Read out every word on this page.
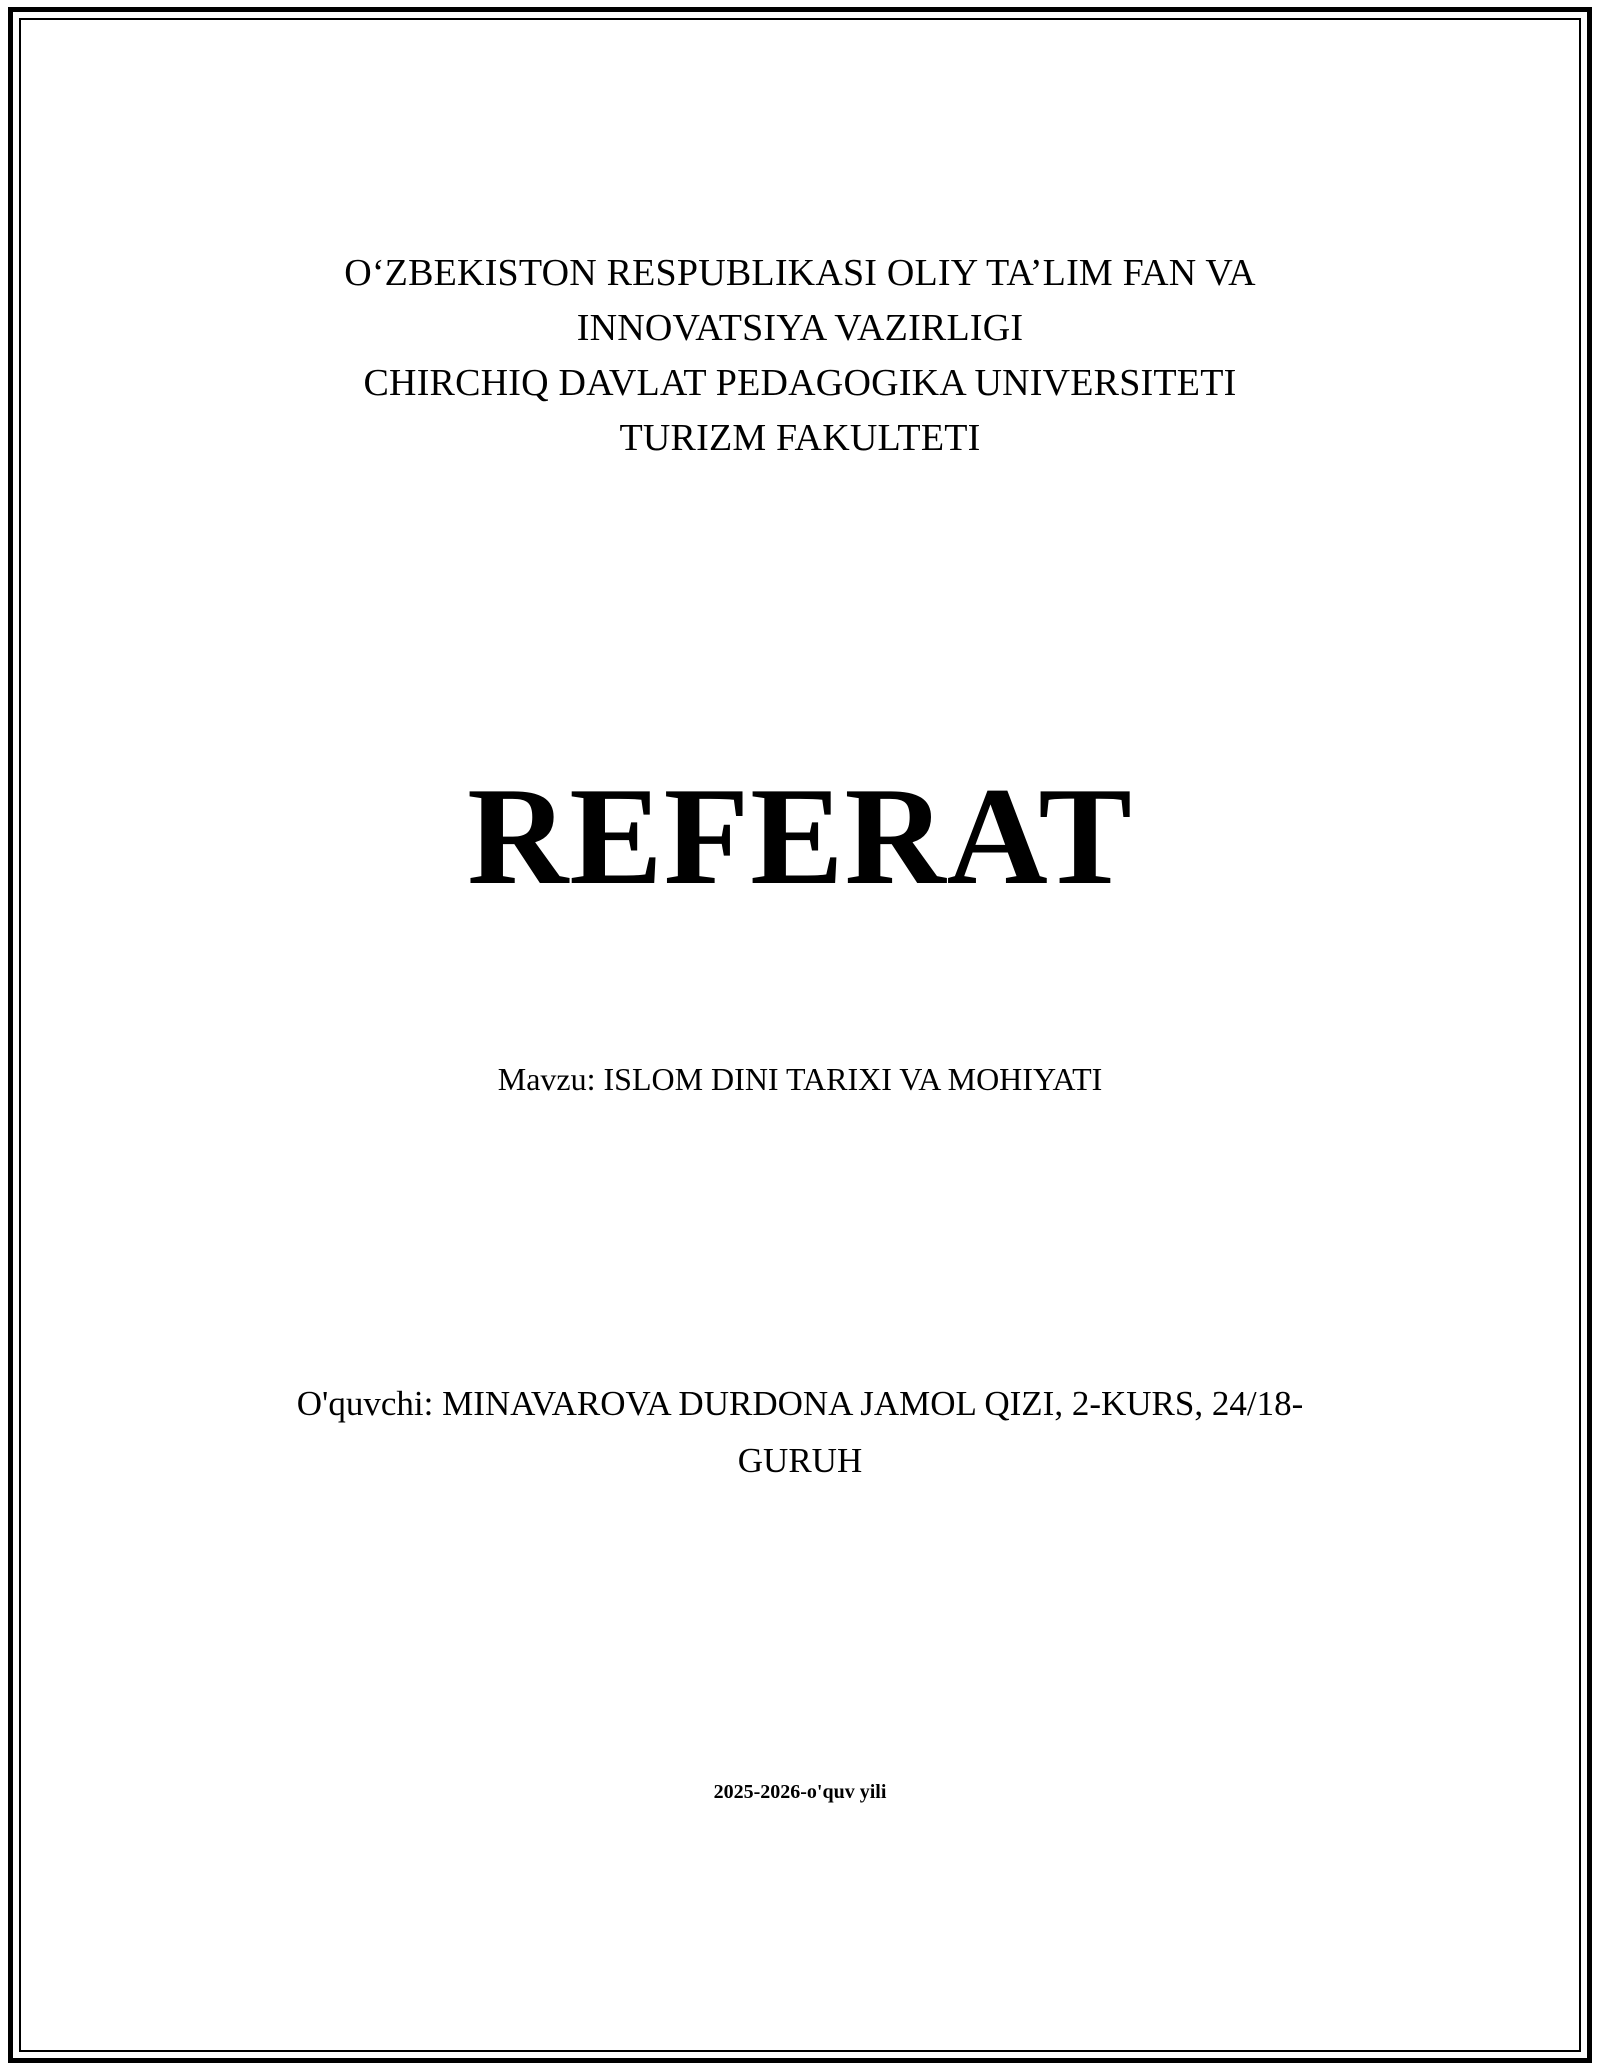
O‘ZBEKISTON RESPUBLIKASI OLIY TA’LIM FAN VA
INNOVATSIYA VAZIRLIGI
CHIRCHIQ DAVLAT PEDAGOGIKA UNIVERSITETI
TURIZM FAKULTETI
REFERAT
Mavzu: ISLOM DINI TARIXI VA MOHIYATI
O'quvchi: MINAVAROVA DURDONA JAMOL QIZI, 2-KURS, 24/18-
GURUH
2025-2026-o'quv yili
